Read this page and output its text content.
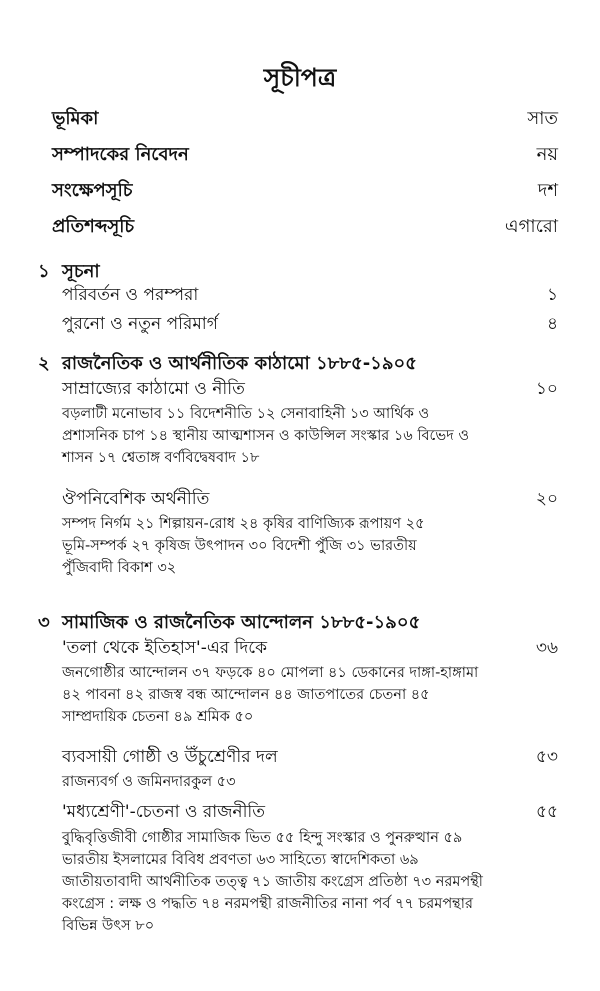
সূচীপত্র
ভূমিকা	সাত
সম্পাদকের নিবেদন	নয়
সংক্ষেপসূচি	দশ
প্রতিশব্দসূচি	এগারো
১ সূচনা
পরিবর্তন ও পরম্পরা	১
পুরনো ও নতুন পরিমার্গ	৪
২ রাজনৈতিক ও আর্থনীতিক কাঠামো ১৮৮৫-১৯০৫
সাম্রাজ্যের কাঠামো ও নীতি	১০
বড়লাটী মনোভাব ১১ বিদেশনীতি ১২ সেনাবাহিনী ১৩ আর্থিক ও
প্রশাসনিক চাপ ১৪ স্থানীয় আত্মশাসন ও কাউন্সিল সংস্কার ১৬ বিভেদ ও
শাসন ১৭ শ্বেতাঙ্গ বর্ণবিদ্বেষবাদ ১৮
ঔপনিবেশিক অর্থনীতি	২০
সম্পদ নির্গম ২১ শিল্পায়ন-রোধ ২৪ কৃষির বাণিজ্যিক রূপায়ণ ২৫
ভূমি-সম্পর্ক ২৭ কৃষিজ উৎপাদন ৩০ বিদেশী পুঁজি ৩১ ভারতীয়
পুঁজিবাদী বিকাশ ৩২
৩ সামাজিক ও রাজনৈতিক আন্দোলন ১৮৮৫-১৯০৫
'তলা থেকে ইতিহাস'-এর দিকে	৩৬
জনগোষ্ঠীর আন্দোলন ৩৭ ফড়কে ৪০ মোপলা ৪১ ডেকানের দাঙ্গা-হাঙ্গামা
৪২ পাবনা ৪২ রাজস্ব বন্ধ আন্দোলন ৪৪ জাতপাতের চেতনা ৪৫
সাম্প্রদায়িক চেতনা ৪৯ শ্রমিক ৫০
ব্যবসায়ী গোষ্ঠী ও উঁচুশ্রেণীর দল	৫৩
রাজন্যবর্গ ও জমিনদারকুল ৫৩
'মধ্যশ্রেণী'-চেতনা ও রাজনীতি	৫৫
বুদ্ধিবৃত্তিজীবী গোষ্ঠীর সামাজিক ভিত ৫৫ হিন্দু সংস্কার ও পুনরুত্থান ৫৯
ভারতীয় ইসলামের বিবিধ প্রবণতা ৬৩ সাহিত্যে স্বাদেশিকতা ৬৯
জাতীয়তাবাদী আর্থনীতিক তত্ত্ব ৭১ জাতীয় কংগ্রেস প্রতিষ্ঠা ৭৩ নরমপন্থী
কংগ্রেস : লক্ষ ও পদ্ধতি ৭৪ নরমপন্থী রাজনীতির নানা পর্ব ৭৭ চরমপন্থার
বিভিন্ন উৎস ৮০
